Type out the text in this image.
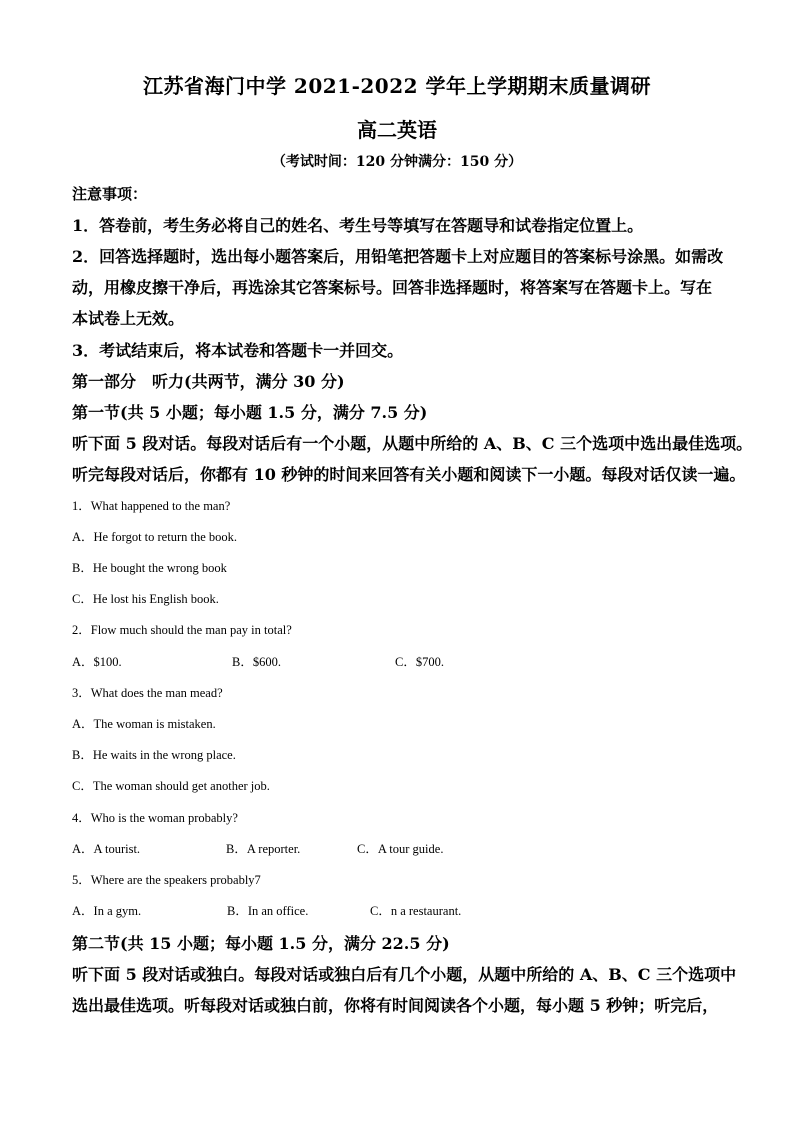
江苏省海门中学 2021-2022 学年上学期期末质量调研
高二英语
（考试时间：120 分钟满分：150 分）
注意事项：
1．答卷前，考生务必将自己的姓名、考生号等填写在答题导和试卷指定位置上。
2．回答选择题时，选出每小题答案后，用铅笔把答题卡上对应题目的答案标号涂黑。如需改
动，用橡皮擦干净后，再选涂其它答案标号。回答非选择题时，将答案写在答题卡上。写在
本试卷上无效。
3．考试结束后，将本试卷和答题卡一并回交。
第一部分　听力(共两节，满分 30 分)
第一节(共 5 小题；每小题 1.5 分，满分 7.5 分)
听下面 5 段对话。每段对话后有一个小题，从题中所给的 A、B、C 三个选项中选出最佳选项。
听完每段对话后，你都有 10 秒钟的时间来回答有关小题和阅读下一小题。每段对话仅读一遍。
1．What happened to the man?
A．He forgot to return the book.
B．He bought the wrong book
C．He lost his English book.
2．Flow much should the man pay in total?
A．$100.	B．$600.	C．$700.
3．What does the man mead?
A．The woman is mistaken.
B．He waits in the wrong place.
C．The woman should get another job.
4．Who is the woman probably?
A．A tourist.	B．A reporter.	C．A tour guide.
5．Where are the speakers probably7
A．In a gym.	B．In an office.	C．n a restaurant.
第二节(共 15 小题；每小题 1.5 分，满分 22.5 分)
听下面 5 段对话或独白。每段对话或独白后有几个小题，从题中所给的 A、B、C 三个选项中
选出最佳选项。听每段对话或独白前，你将有时间阅读各个小题，每小题 5 秒钟；听完后，
